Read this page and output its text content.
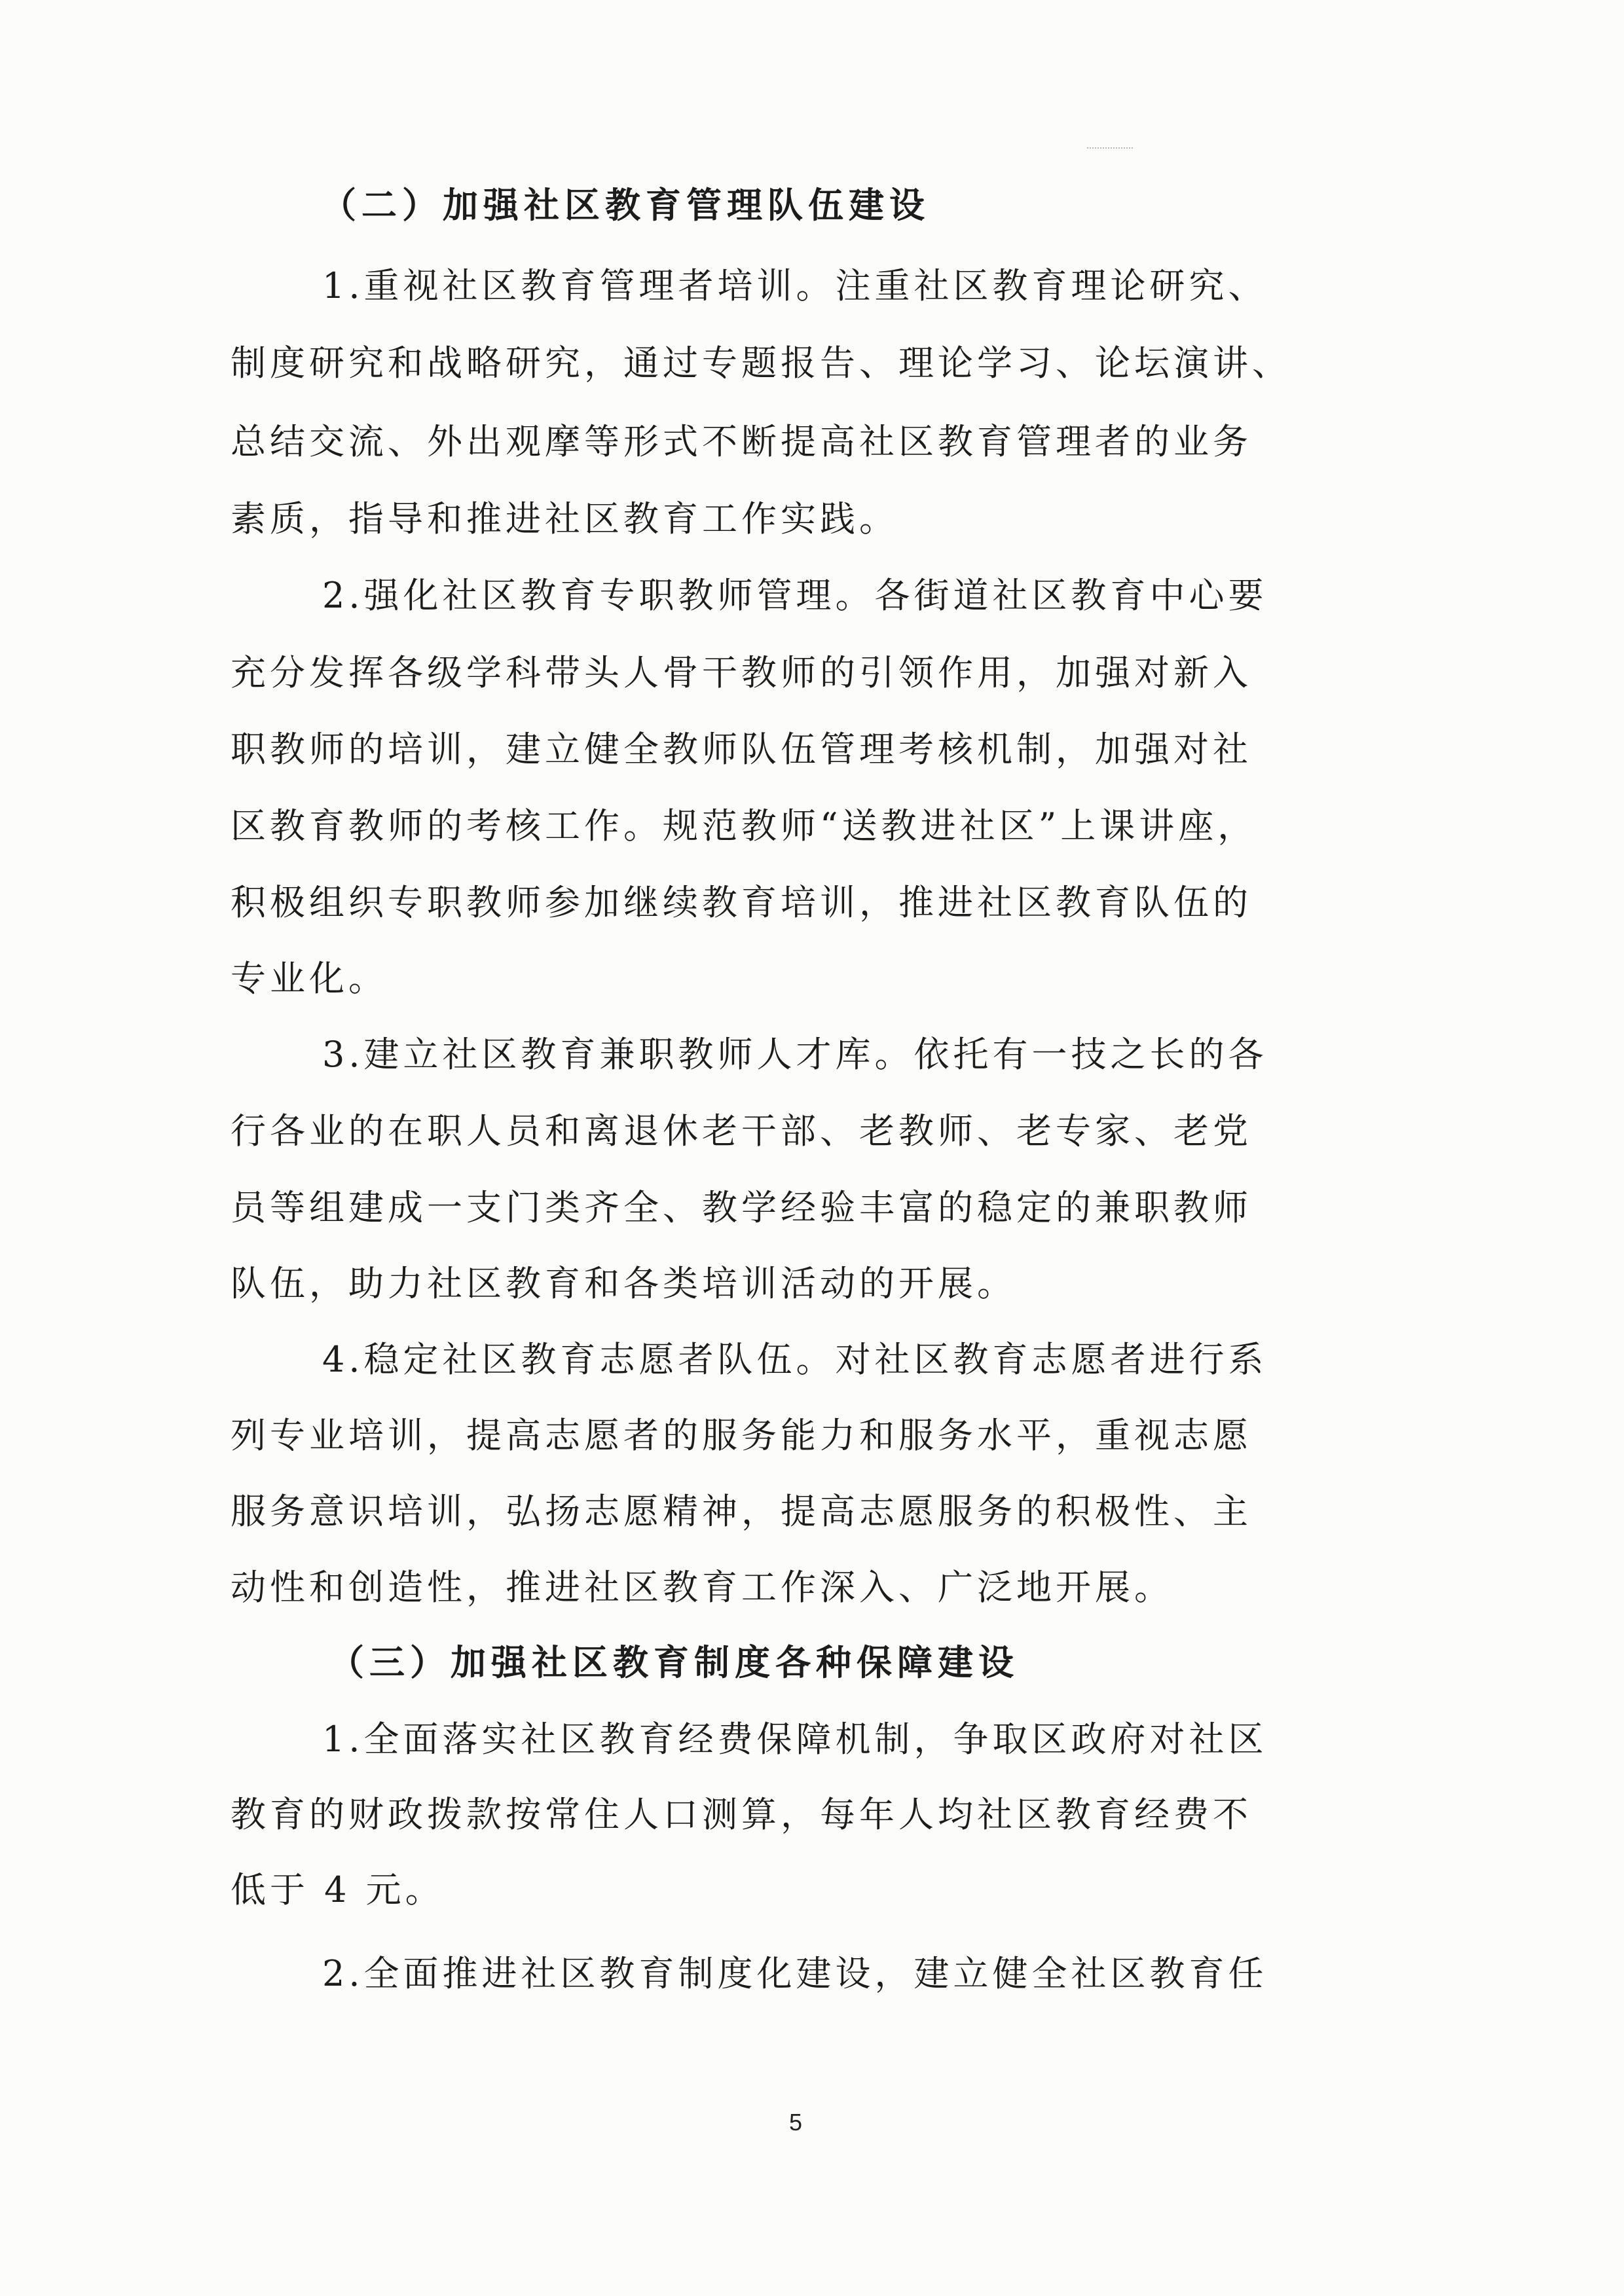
（二）加强社区教育管理队伍建设
1.重视社区教育管理者培训。注重社区教育理论研究、
制度研究和战略研究，通过专题报告、理论学习、论坛演讲、
总结交流、外出观摩等形式不断提高社区教育管理者的业务
素质，指导和推进社区教育工作实践。
2.强化社区教育专职教师管理。各街道社区教育中心要
充分发挥各级学科带头人骨干教师的引领作用，加强对新入
职教师的培训，建立健全教师队伍管理考核机制，加强对社
区教育教师的考核工作。规范教师“送教进社区”上课讲座，
积极组织专职教师参加继续教育培训，推进社区教育队伍的
专业化。
3.建立社区教育兼职教师人才库。依托有一技之长的各
行各业的在职人员和离退休老干部、老教师、老专家、老党
员等组建成一支门类齐全、教学经验丰富的稳定的兼职教师
队伍，助力社区教育和各类培训活动的开展。
4.稳定社区教育志愿者队伍。对社区教育志愿者进行系
列专业培训，提高志愿者的服务能力和服务水平，重视志愿
服务意识培训，弘扬志愿精神，提高志愿服务的积极性、主
动性和创造性，推进社区教育工作深入、广泛地开展。
（三）加强社区教育制度各种保障建设
1.全面落实社区教育经费保障机制，争取区政府对社区
教育的财政拨款按常住人口测算，每年人均社区教育经费不
低于 4 元。
2.全面推进社区教育制度化建设，建立健全社区教育任
5
